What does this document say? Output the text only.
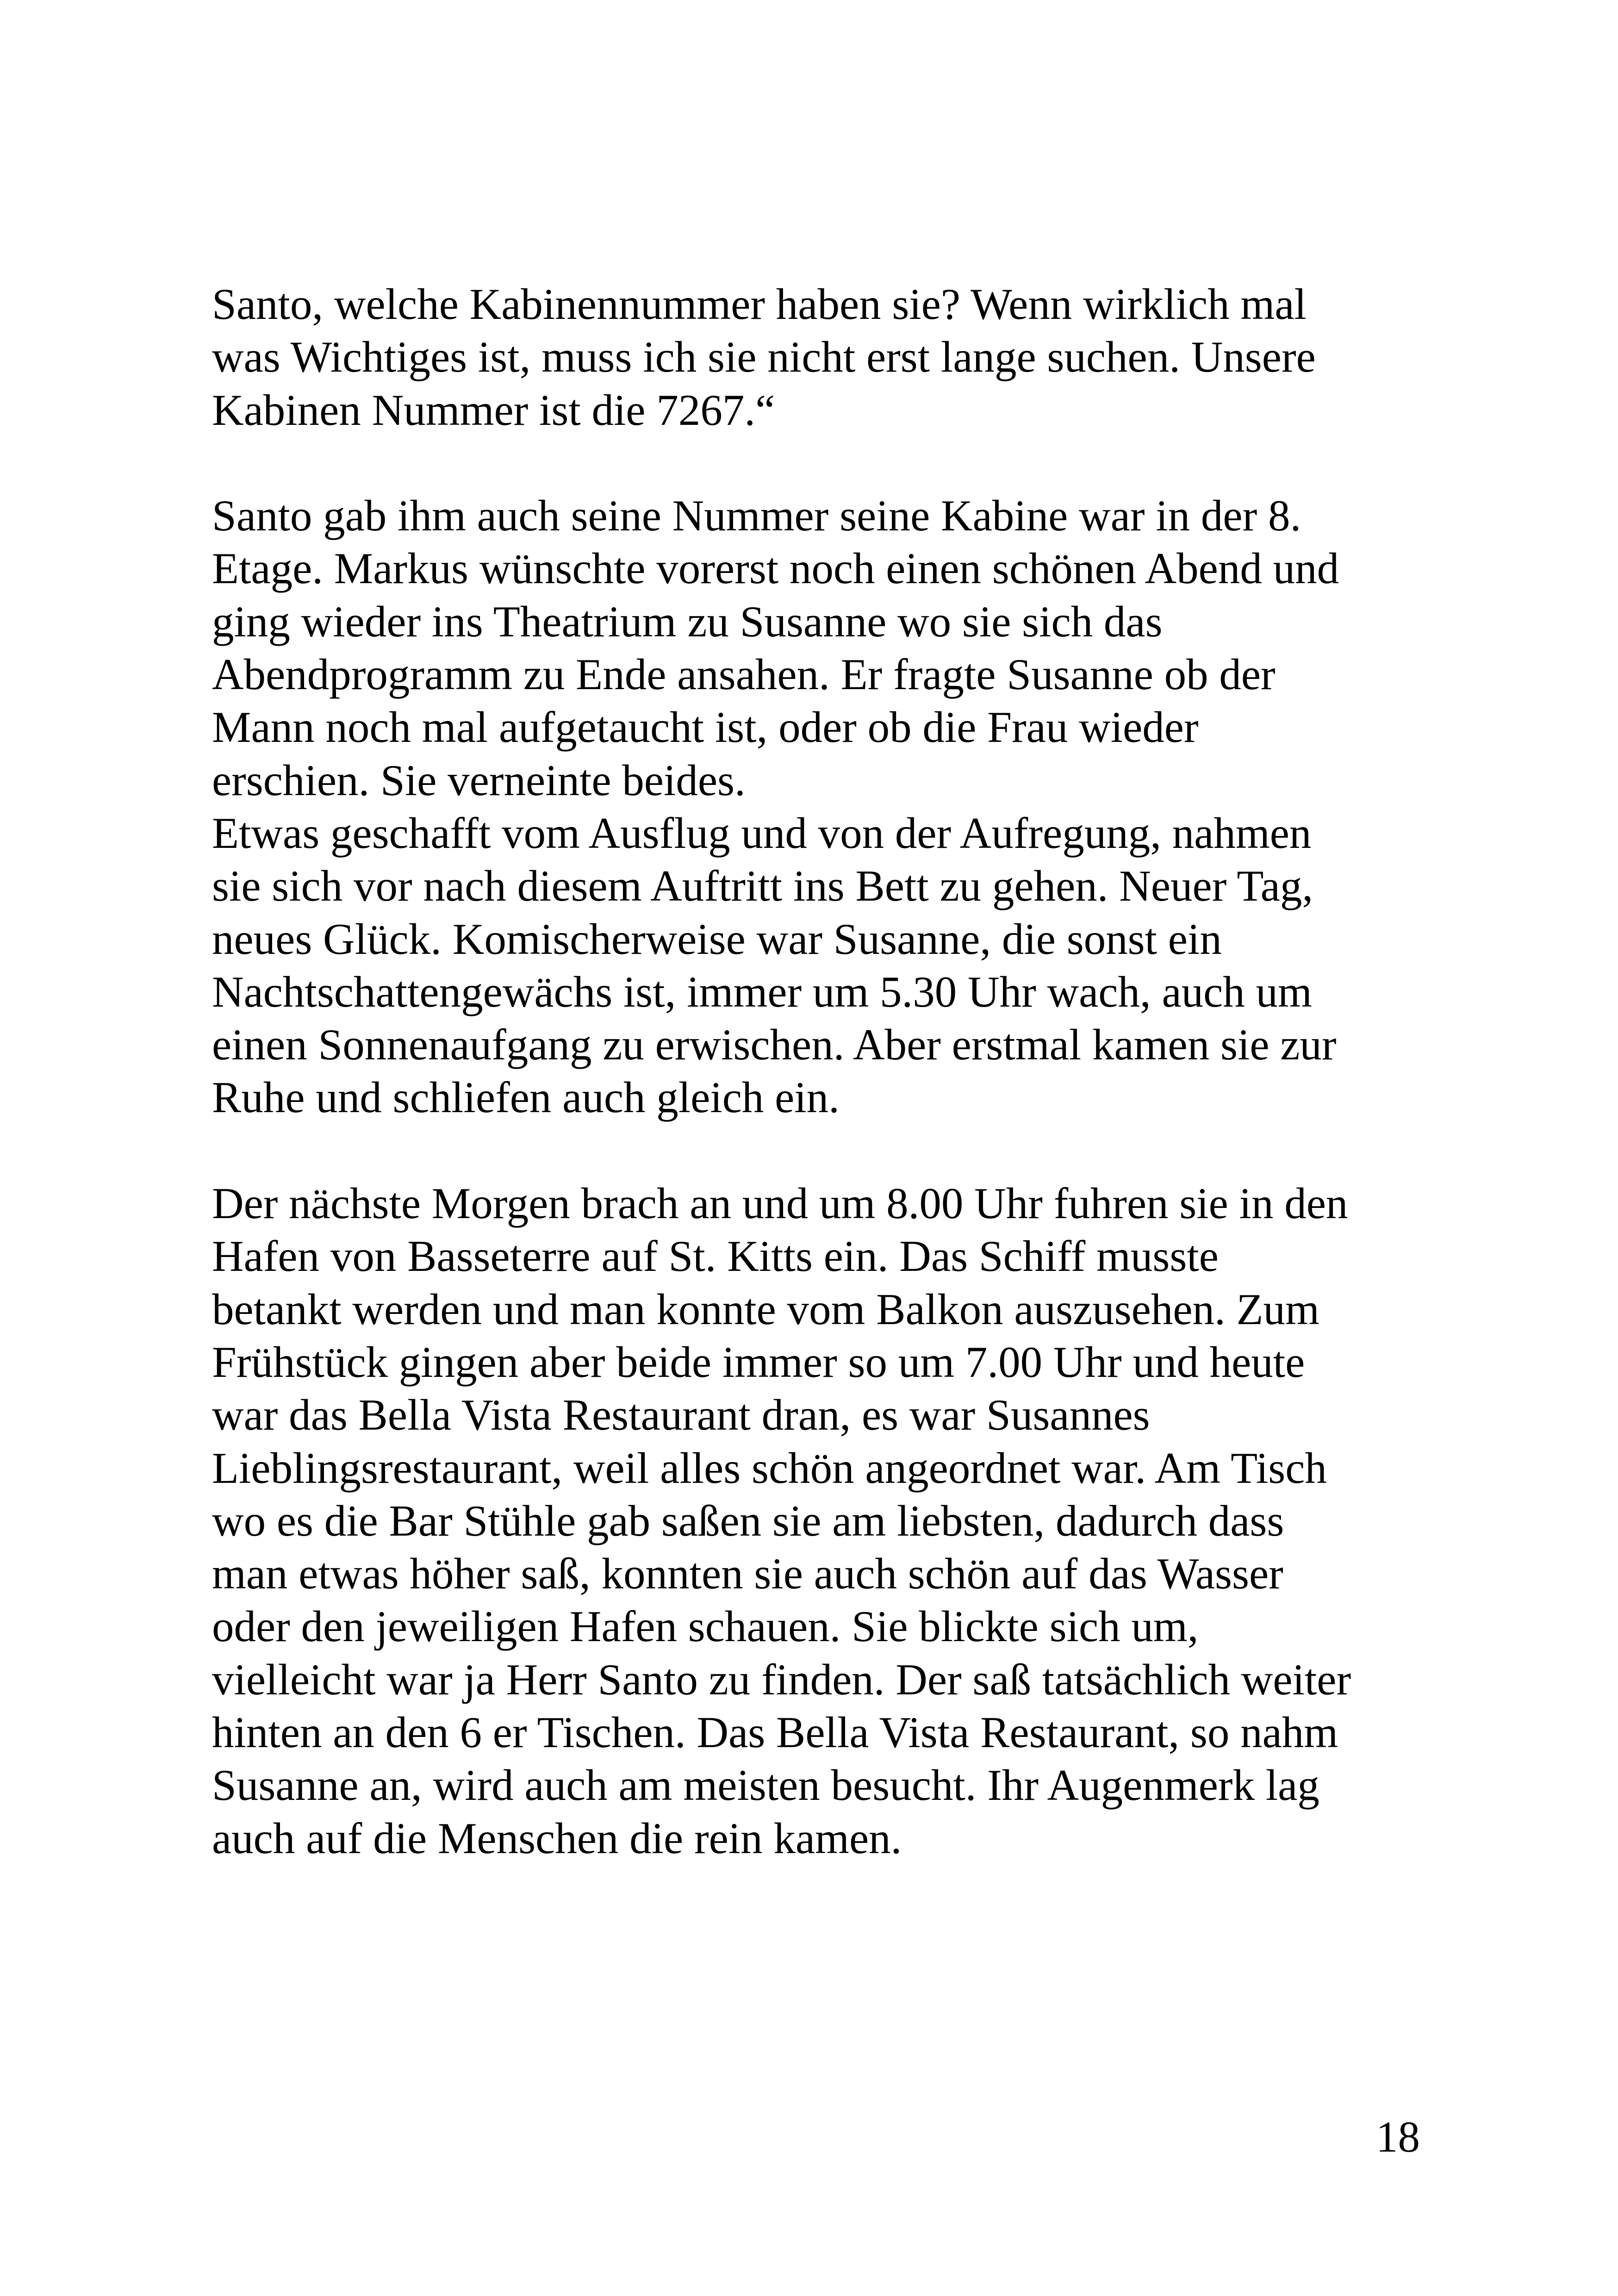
Santo, welche Kabinennummer haben sie? Wenn wirklich mal
was Wichtiges ist, muss ich sie nicht erst lange suchen. Unsere
Kabinen Nummer ist die 7267.“

Santo gab ihm auch seine Nummer seine Kabine war in der 8.
Etage. Markus wünschte vorerst noch einen schönen Abend und
ging wieder ins Theatrium zu Susanne wo sie sich das
Abendprogramm zu Ende ansahen. Er fragte Susanne ob der
Mann noch mal aufgetaucht ist, oder ob die Frau wieder
erschien. Sie verneinte beides.
Etwas geschafft vom Ausflug und von der Aufregung, nahmen
sie sich vor nach diesem Auftritt ins Bett zu gehen. Neuer Tag,
neues Glück. Komischerweise war Susanne, die sonst ein
Nachtschattengewächs ist, immer um 5.30 Uhr wach, auch um
einen Sonnenaufgang zu erwischen. Aber erstmal kamen sie zur
Ruhe und schliefen auch gleich ein.

Der nächste Morgen brach an und um 8.00 Uhr fuhren sie in den
Hafen von Basseterre auf St. Kitts ein. Das Schiff musste
betankt werden und man konnte vom Balkon auszusehen. Zum
Frühstück gingen aber beide immer so um 7.00 Uhr und heute
war das Bella Vista Restaurant dran, es war Susannes
Lieblingsrestaurant, weil alles schön angeordnet war. Am Tisch
wo es die Bar Stühle gab saßen sie am liebsten, dadurch dass
man etwas höher saß, konnten sie auch schön auf das Wasser
oder den jeweiligen Hafen schauen. Sie blickte sich um,
vielleicht war ja Herr Santo zu finden. Der saß tatsächlich weiter
hinten an den 6 er Tischen. Das Bella Vista Restaurant, so nahm
Susanne an, wird auch am meisten besucht. Ihr Augenmerk lag
auch auf die Menschen die rein kamen.

18
